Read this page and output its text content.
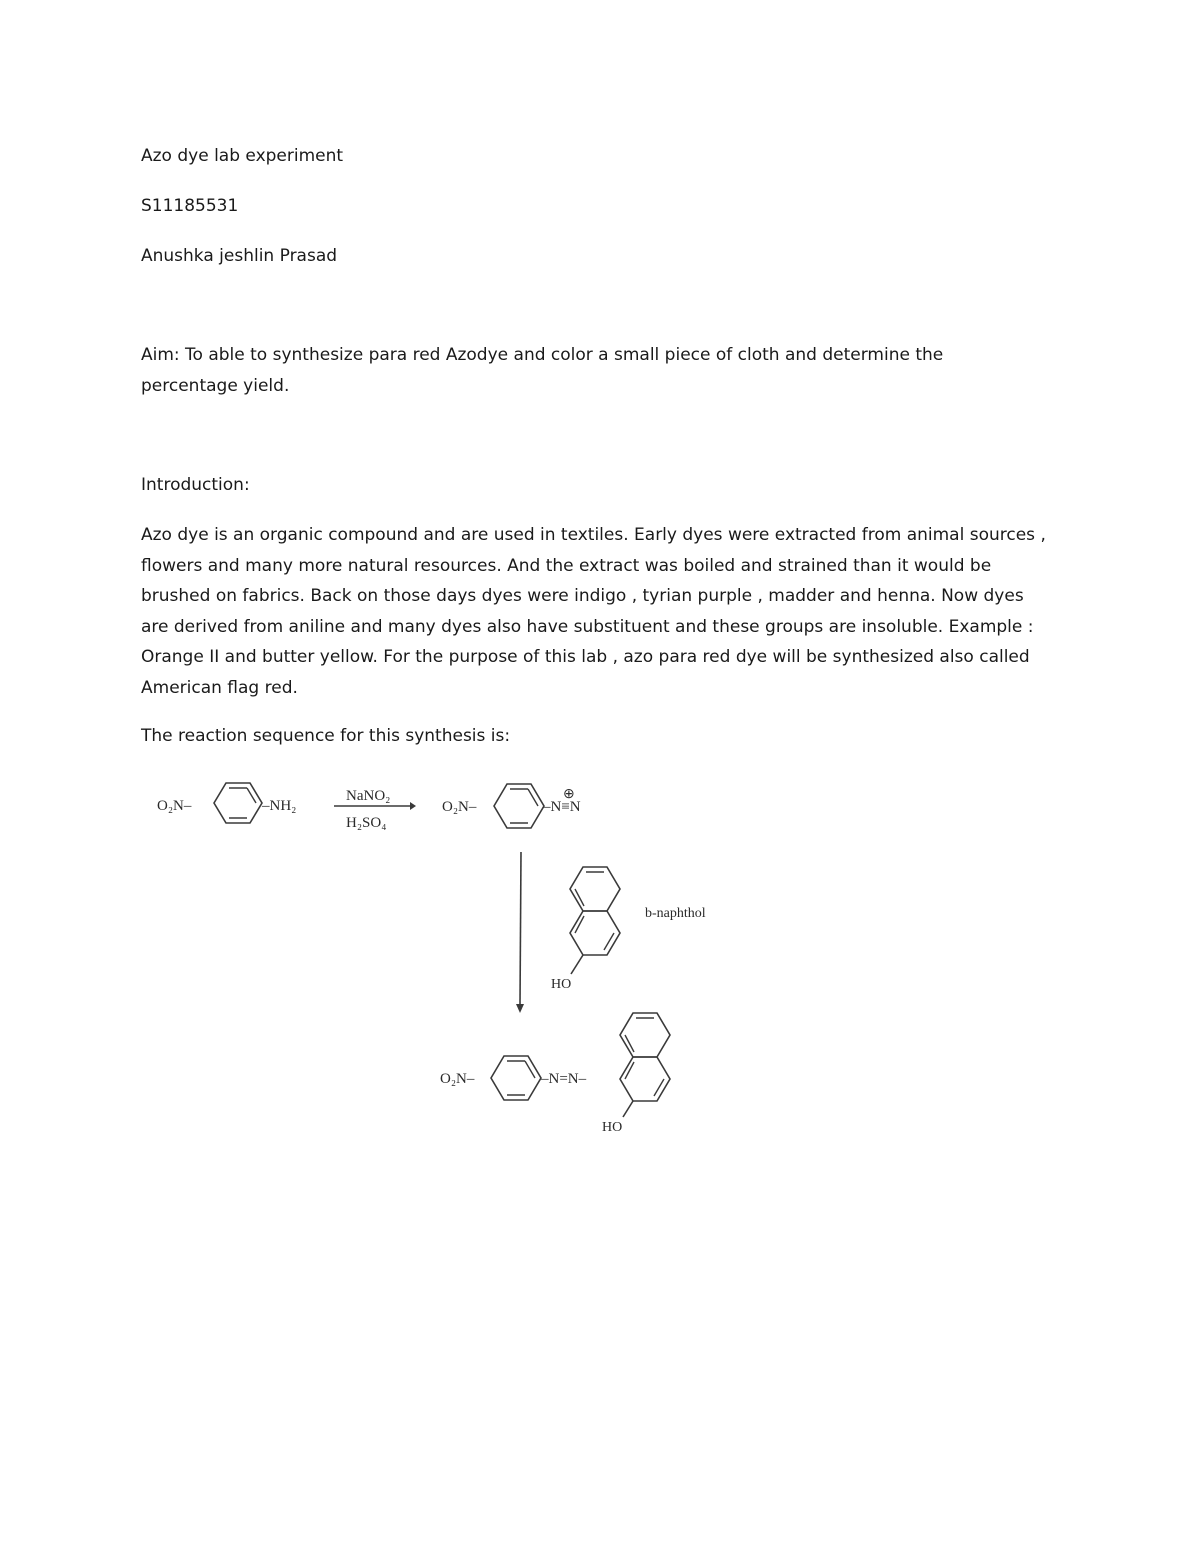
Azo dye lab experiment

S11185531

Anushka jeshlin Prasad

Aim: To able to synthesize para red Azodye and color a small piece of cloth and determine the
percentage yield.

Introduction:

Azo dye is an organic compound and are used in textiles. Early dyes were extracted from animal sources ,
flowers and many more natural resources. And the extract was boiled and strained than it would be
brushed on fabrics. Back on those days dyes were indigo , tyrian purple , madder and henna. Now dyes
are derived from aniline and many dyes also have substituent and these groups are insoluble. Example :
Orange II and butter yellow. For the purpose of this lab , azo para red dye will be synthesized also called
American flag red.

The reaction sequence for this synthesis is:

O₂N–	–NH₂
NaNO₂
H₂SO₄
O₂N–	–N≡N
⊕
HO
b-naphthol
O₂N–	–N=N–
HO
